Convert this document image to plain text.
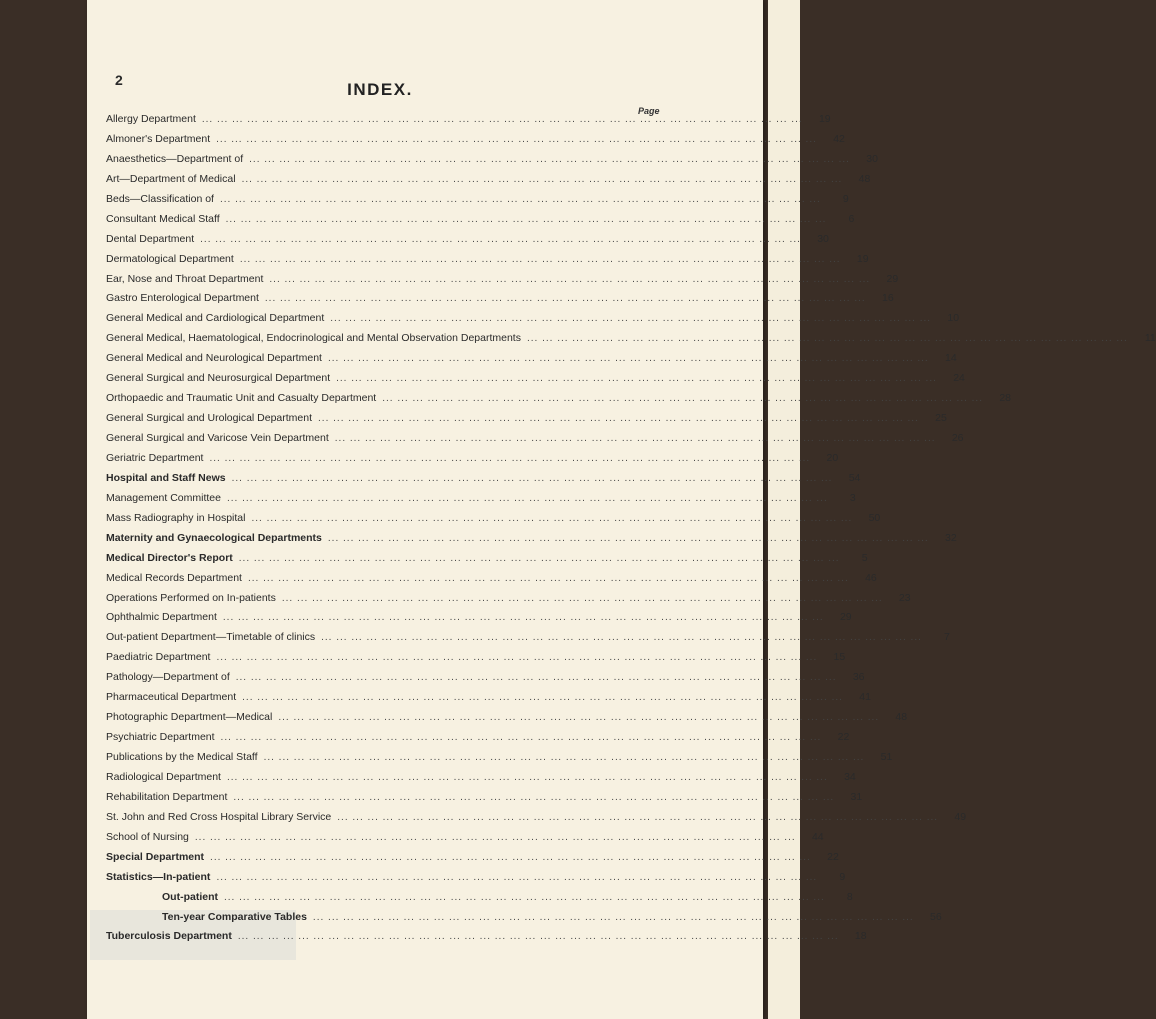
2	INDEX.
Page
Allergy Department ... ... ... ... ... ... ... ... ... ... ... ... ... ... ... ... ... ... ... ... ... ... ... ... ... ... ... ... ... ... ... ... ... ... ... ... ... ... ... ...	19
Almoner's Department ... ... ... ... ... ... ... ... ... ... ... ... ... ... ... ... ... ... ... ... ... ... ... ... ... ... ... ... ... ... ... ... ... ... ... ... ... ... ... ...	42
Anaesthetics—Department of ... ... ... ... ... ... ... ... ... ... ... ... ... ... ... ... ... ... ... ... ... ... ... ... ... ... ... ... ... ... ... ... ... ... ... ... ... ... ... ...	30
Art—Department of Medical ... ... ... ... ... ... ... ... ... ... ... ... ... ... ... ... ... ... ... ... ... ... ... ... ... ... ... ... ... ... ... ... ... ... ... ... ... ... ... ...	48
Beds—Classification of ... ... ... ... ... ... ... ... ... ... ... ... ... ... ... ... ... ... ... ... ... ... ... ... ... ... ... ... ... ... ... ... ... ... ... ... ... ... ... ...	9
Consultant Medical Staff ... ... ... ... ... ... ... ... ... ... ... ... ... ... ... ... ... ... ... ... ... ... ... ... ... ... ... ... ... ... ... ... ... ... ... ... ... ... ... ...	6
Dental Department ... ... ... ... ... ... ... ... ... ... ... ... ... ... ... ... ... ... ... ... ... ... ... ... ... ... ... ... ... ... ... ... ... ... ... ... ... ... ... ...	30
Dermatological Department ... ... ... ... ... ... ... ... ... ... ... ... ... ... ... ... ... ... ... ... ... ... ... ... ... ... ... ... ... ... ... ... ... ... ... ... ... ... ... ...	19
Ear, Nose and Throat Department ... ... ... ... ... ... ... ... ... ... ... ... ... ... ... ... ... ... ... ... ... ... ... ... ... ... ... ... ... ... ... ... ... ... ... ... ... ... ... ...	29
Gastro Enterological Department ... ... ... ... ... ... ... ... ... ... ... ... ... ... ... ... ... ... ... ... ... ... ... ... ... ... ... ... ... ... ... ... ... ... ... ... ... ... ... ...	16
General Medical and Cardiological Department ... ... ... ... ... ... ... ... ... ... ... ... ... ... ... ... ... ... ... ... ... ... ... ... ... ... ... ... ... ... ... ... ... ... ... ... ... ... ... ...	10
General Medical, Haematological, Endocrinological and Mental Observation Departments ... ... ... ... ... ... ... ... ... ... ... ... ... ... ... ... ... ... ... ... ... ... ... ... ... ... ... ... ... ... ... ... ... ... ... ... ... ... ... ...	11
General Medical and Neurological Department ... ... ... ... ... ... ... ... ... ... ... ... ... ... ... ... ... ... ... ... ... ... ... ... ... ... ... ... ... ... ... ... ... ... ... ... ... ... ... ...	14
General Surgical and Neurosurgical Department ... ... ... ... ... ... ... ... ... ... ... ... ... ... ... ... ... ... ... ... ... ... ... ... ... ... ... ... ... ... ... ... ... ... ... ... ... ... ... ...	24
Orthopaedic and Traumatic Unit and Casualty Department ... ... ... ... ... ... ... ... ... ... ... ... ... ... ... ... ... ... ... ... ... ... ... ... ... ... ... ... ... ... ... ... ... ... ... ... ... ... ... ...	28
General Surgical and Urological Department ... ... ... ... ... ... ... ... ... ... ... ... ... ... ... ... ... ... ... ... ... ... ... ... ... ... ... ... ... ... ... ... ... ... ... ... ... ... ... ...	25
General Surgical and Varicose Vein Department ... ... ... ... ... ... ... ... ... ... ... ... ... ... ... ... ... ... ... ... ... ... ... ... ... ... ... ... ... ... ... ... ... ... ... ... ... ... ... ...	26
Geriatric Department ... ... ... ... ... ... ... ... ... ... ... ... ... ... ... ... ... ... ... ... ... ... ... ... ... ... ... ... ... ... ... ... ... ... ... ... ... ... ... ...	20
Hospital and Staff News ... ... ... ... ... ... ... ... ... ... ... ... ... ... ... ... ... ... ... ... ... ... ... ... ... ... ... ... ... ... ... ... ... ... ... ... ... ... ... ...	54
Management Committee ... ... ... ... ... ... ... ... ... ... ... ... ... ... ... ... ... ... ... ... ... ... ... ... ... ... ... ... ... ... ... ... ... ... ... ... ... ... ... ...	3
Mass Radiography in Hospital ... ... ... ... ... ... ... ... ... ... ... ... ... ... ... ... ... ... ... ... ... ... ... ... ... ... ... ... ... ... ... ... ... ... ... ... ... ... ... ...	50
Maternity and Gynaecological Departments ... ... ... ... ... ... ... ... ... ... ... ... ... ... ... ... ... ... ... ... ... ... ... ... ... ... ... ... ... ... ... ... ... ... ... ... ... ... ... ...	32
Medical Director's Report ... ... ... ... ... ... ... ... ... ... ... ... ... ... ... ... ... ... ... ... ... ... ... ... ... ... ... ... ... ... ... ... ... ... ... ... ... ... ... ...	5
Medical Records Department ... ... ... ... ... ... ... ... ... ... ... ... ... ... ... ... ... ... ... ... ... ... ... ... ... ... ... ... ... ... ... ... ... ... ... ... ... ... ... ...	46
Operations Performed on In-patients ... ... ... ... ... ... ... ... ... ... ... ... ... ... ... ... ... ... ... ... ... ... ... ... ... ... ... ... ... ... ... ... ... ... ... ... ... ... ... ...	23
Ophthalmic Department ... ... ... ... ... ... ... ... ... ... ... ... ... ... ... ... ... ... ... ... ... ... ... ... ... ... ... ... ... ... ... ... ... ... ... ... ... ... ... ...	29
Out-patient Department—Timetable of clinics ... ... ... ... ... ... ... ... ... ... ... ... ... ... ... ... ... ... ... ... ... ... ... ... ... ... ... ... ... ... ... ... ... ... ... ... ... ... ... ...	7
Paediatric Department ... ... ... ... ... ... ... ... ... ... ... ... ... ... ... ... ... ... ... ... ... ... ... ... ... ... ... ... ... ... ... ... ... ... ... ... ... ... ... ...	15
Pathology—Department of ... ... ... ... ... ... ... ... ... ... ... ... ... ... ... ... ... ... ... ... ... ... ... ... ... ... ... ... ... ... ... ... ... ... ... ... ... ... ... ...	36
Pharmaceutical Department ... ... ... ... ... ... ... ... ... ... ... ... ... ... ... ... ... ... ... ... ... ... ... ... ... ... ... ... ... ... ... ... ... ... ... ... ... ... ... ...	41
Photographic Department—Medical ... ... ... ... ... ... ... ... ... ... ... ... ... ... ... ... ... ... ... ... ... ... ... ... ... ... ... ... ... ... ... ... ... ... ... ... ... ... ... ...	48
Psychiatric Department ... ... ... ... ... ... ... ... ... ... ... ... ... ... ... ... ... ... ... ... ... ... ... ... ... ... ... ... ... ... ... ... ... ... ... ... ... ... ... ...	22
Publications by the Medical Staff ... ... ... ... ... ... ... ... ... ... ... ... ... ... ... ... ... ... ... ... ... ... ... ... ... ... ... ... ... ... ... ... ... ... ... ... ... ... ... ...	51
Radiological Department ... ... ... ... ... ... ... ... ... ... ... ... ... ... ... ... ... ... ... ... ... ... ... ... ... ... ... ... ... ... ... ... ... ... ... ... ... ... ... ...	34
Rehabilitation Department ... ... ... ... ... ... ... ... ... ... ... ... ... ... ... ... ... ... ... ... ... ... ... ... ... ... ... ... ... ... ... ... ... ... ... ... ... ... ... ...	31
St. John and Red Cross Hospital Library Service ... ... ... ... ... ... ... ... ... ... ... ... ... ... ... ... ... ... ... ... ... ... ... ... ... ... ... ... ... ... ... ... ... ... ... ... ... ... ... ...	49
School of Nursing ... ... ... ... ... ... ... ... ... ... ... ... ... ... ... ... ... ... ... ... ... ... ... ... ... ... ... ... ... ... ... ... ... ... ... ... ... ... ... ...	44
Special Department ... ... ... ... ... ... ... ... ... ... ... ... ... ... ... ... ... ... ... ... ... ... ... ... ... ... ... ... ... ... ... ... ... ... ... ... ... ... ... ...	22
Statistics—In-patient ... ... ... ... ... ... ... ... ... ... ... ... ... ... ... ... ... ... ... ... ... ... ... ... ... ... ... ... ... ... ... ... ... ... ... ... ... ... ... ...	9
Out-patient ... ... ... ... ... ... ... ... ... ... ... ... ... ... ... ... ... ... ... ... ... ... ... ... ... ... ... ... ... ... ... ... ... ... ... ... ... ... ... ...	8
Ten-year Comparative Tables ... ... ... ... ... ... ... ... ... ... ... ... ... ... ... ... ... ... ... ... ... ... ... ... ... ... ... ... ... ... ... ... ... ... ... ... ... ... ... ...	56
Tuberculosis Department ... ... ... ... ... ... ... ... ... ... ... ... ... ... ... ... ... ... ... ... ... ... ... ... ... ... ... ... ... ... ... ... ... ... ... ... ... ... ... ...	18
